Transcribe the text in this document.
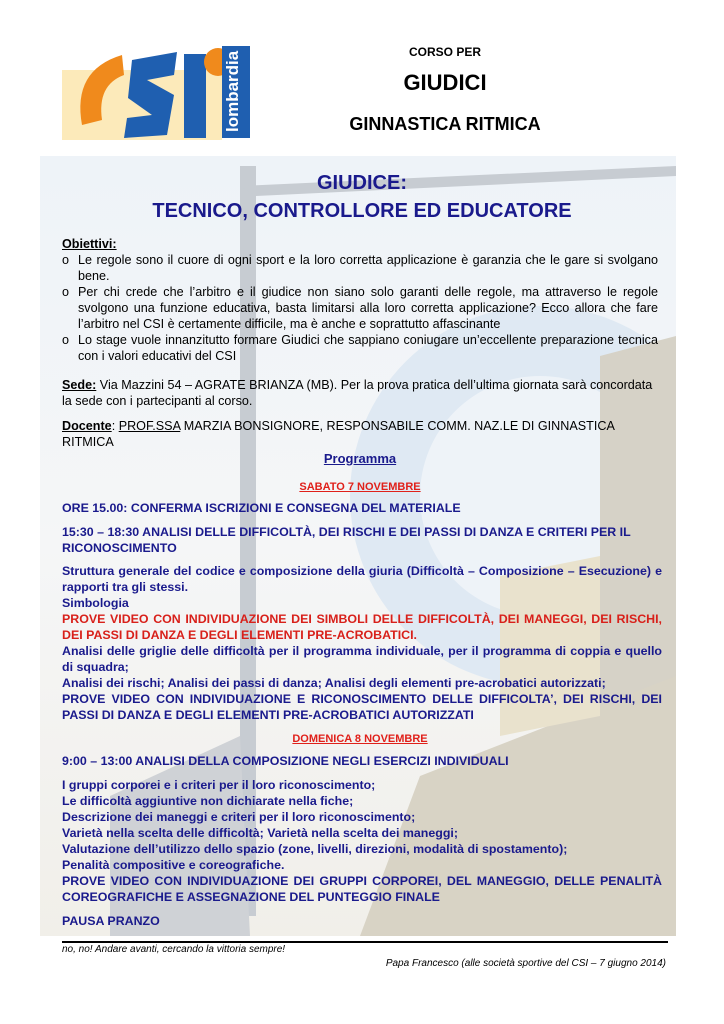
lombardia	CORSO PER
GIUDICI
GINNASTICA RITMICA
GIUDICE:
TECNICO, CONTROLLORE ED EDUCATORE
Obiettivi:
o Le regole sono il cuore di ogni sport e la loro corretta applicazione è garanzia che le gare si svolgano bene.
o Per chi crede che l’arbitro e il giudice non siano solo garanti delle regole, ma attraverso le regole svolgono una funzione educativa, basta limitarsi alla loro corretta applicazione? Ecco allora che fare l’arbitro nel CSI è certamente difficile, ma è anche e soprattutto affascinante
o Lo stage vuole innanzitutto formare Giudici che sappiano coniugare un’eccellente preparazione tecnica con i valori educativi del CSI
Sede: Via Mazzini 54 – AGRATE BRIANZA (MB). Per la prova pratica dell’ultima giornata sarà concordata la sede con i partecipanti al corso.
Docente: PROF.SSA MARZIA BONSIGNORE, RESPONSABILE COMM. NAZ.LE DI GINNASTICA RITMICA
Programma
SABATO 7 NOVEMBRE
ORE 15.00: CONFERMA ISCRIZIONI E CONSEGNA DEL MATERIALE
15:30 – 18:30 ANALISI DELLE DIFFICOLTÀ, DEI RISCHI E DEI PASSI DI DANZA E CRITERI PER IL RICONOSCIMENTO
Struttura generale del codice e composizione della giuria (Difficoltà – Composizione – Esecuzione) e rapporti tra gli stessi.
Simbologia
PROVE VIDEO CON INDIVIDUAZIONE DEI SIMBOLI DELLE DIFFICOLTÀ, DEI MANEGGI, DEI RISCHI, DEI PASSI DI DANZA E DEGLI ELEMENTI PRE-ACROBATICI.
Analisi delle griglie delle difficoltà per il programma individuale, per il programma di coppia e quello di squadra;
Analisi dei rischi; Analisi dei passi di danza; Analisi degli elementi pre-acrobatici autorizzati;
PROVE VIDEO CON INDIVIDUAZIONE E RICONOSCIMENTO DELLE DIFFICOLTA’, DEI RISCHI, DEI PASSI DI DANZA E DEGLI ELEMENTI PRE-ACROBATICI AUTORIZZATI
DOMENICA 8 NOVEMBRE
9:00 – 13:00 ANALISI DELLA COMPOSIZIONE NEGLI ESERCIZI INDIVIDUALI
I gruppi corporei e i criteri per il loro riconoscimento;
Le difficoltà aggiuntive non dichiarate nella fiche;
Descrizione dei maneggi e criteri per il loro riconoscimento;
Varietà nella scelta delle difficoltà; Varietà nella scelta dei maneggi;
Valutazione dell’utilizzo dello spazio (zone, livelli, direzioni, modalità di spostamento);
Penalità compositive e coreografiche.
PROVE VIDEO CON INDIVIDUAZIONE DEI GRUPPI CORPOREI, DEL MANEGGIO, DELLE PENALITÀ COREOGRAFICHE E ASSEGNAZIONE DEL PUNTEGGIO FINALE
PAUSA PRANZO
no, no! Andare avanti, cercando la vittoria sempre!
Papa Francesco (alle società sportive del CSI – 7 giugno 2014)
